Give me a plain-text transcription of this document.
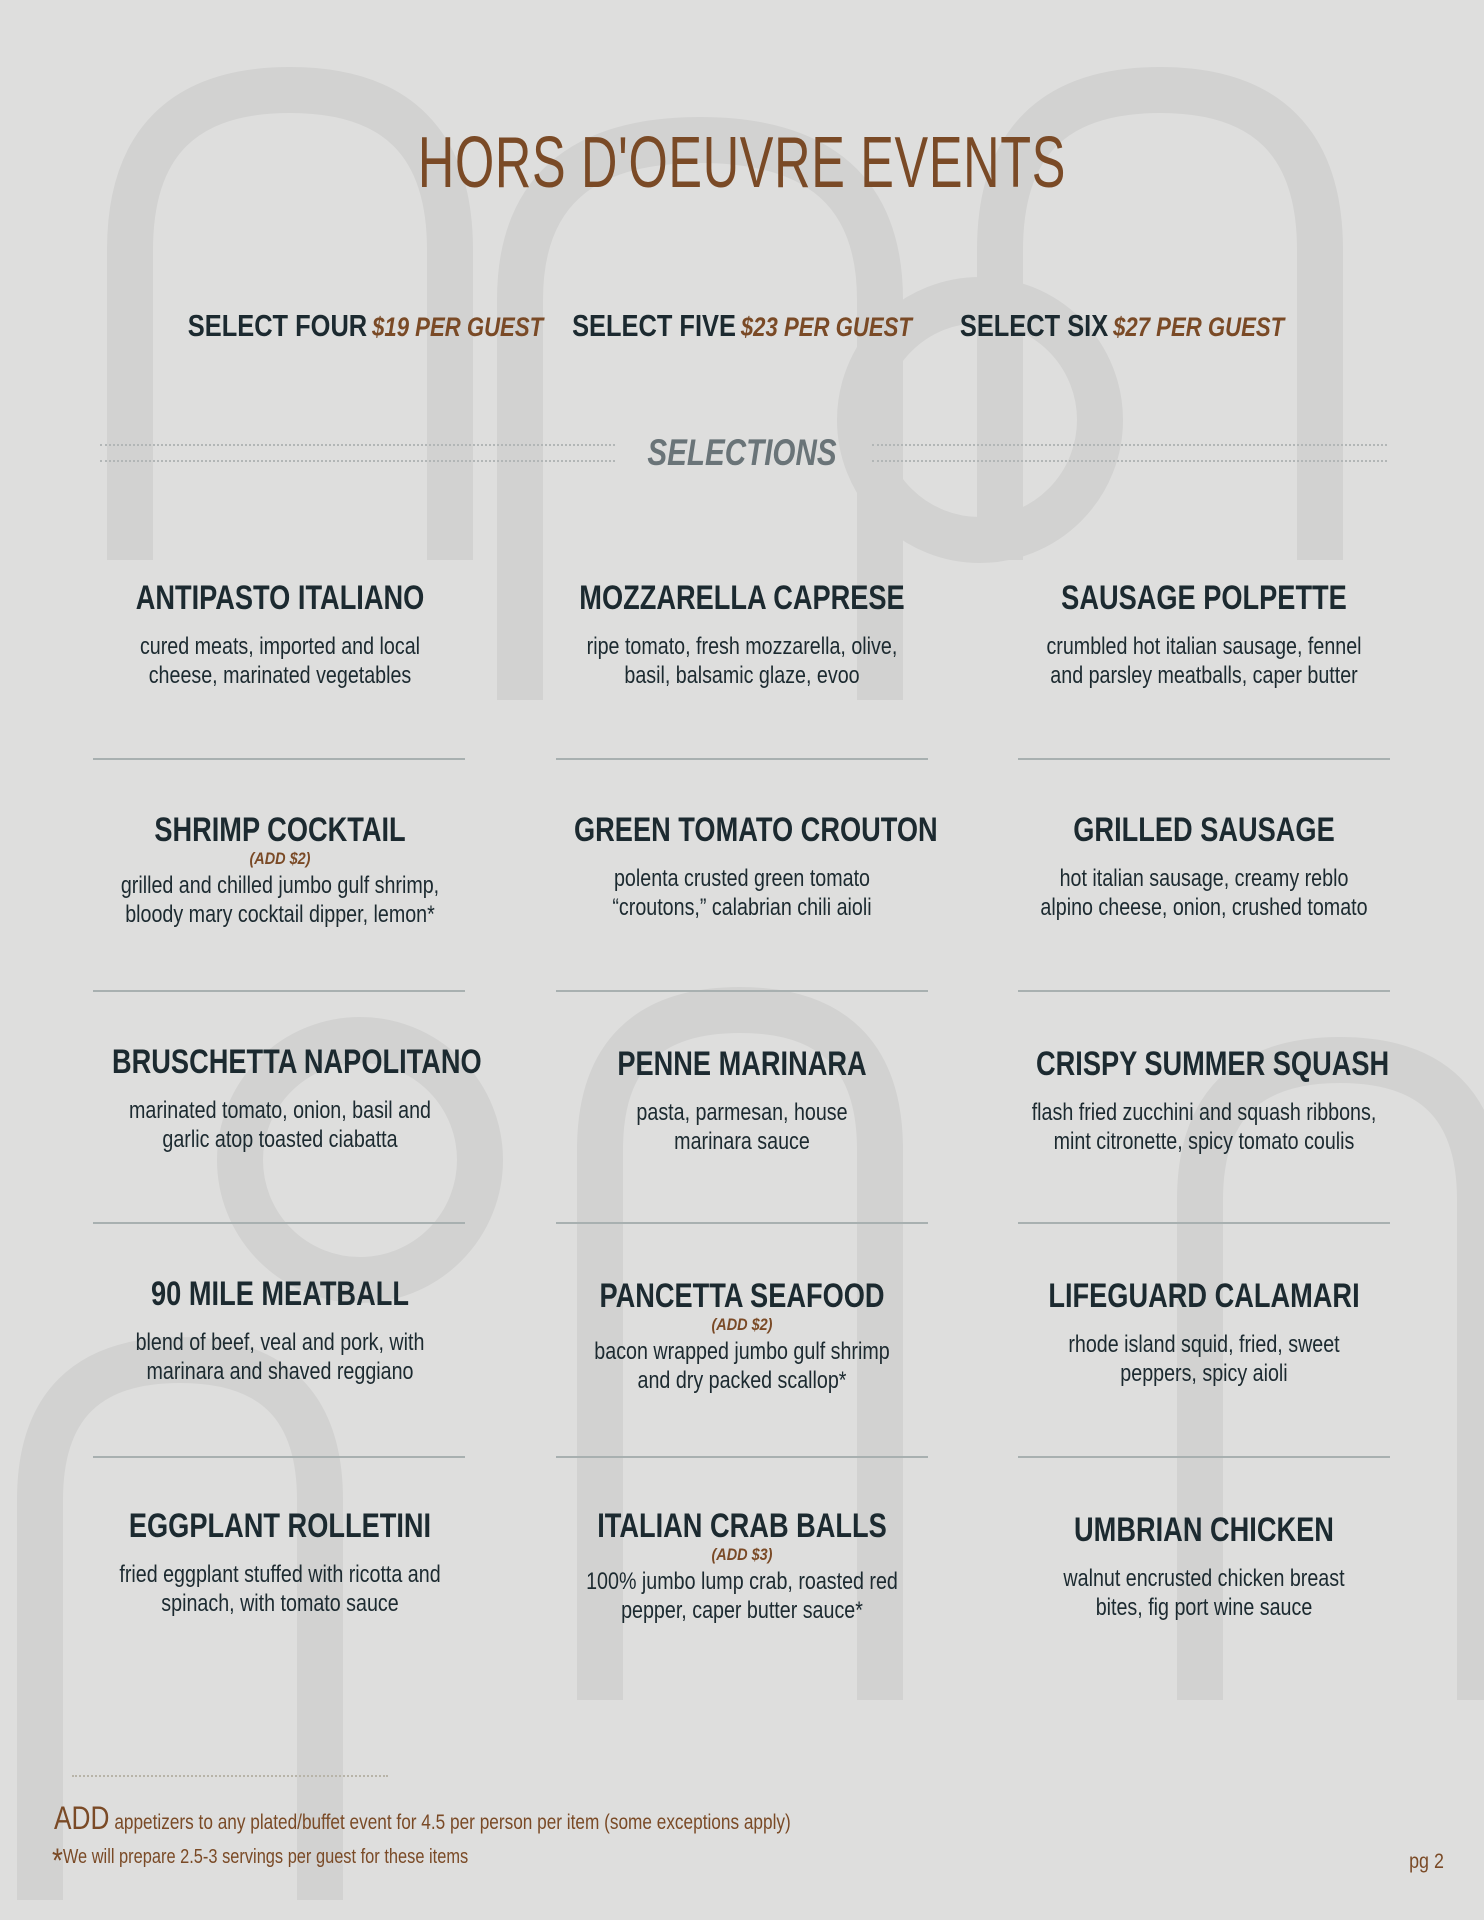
HORS D'OEUVRE EVENTS
SELECT FOUR $19 PER GUEST SELECT FIVE $23 PER GUEST	SELECT SIX $27 PER GUEST
SELECTIONS
ANTIPASTO ITALIANO
cured meats, imported and local
cheese, marinated vegetables
MOZZARELLA CAPRESE
ripe tomato, fresh mozzarella, olive,
basil, balsamic glaze, evoo
SAUSAGE POLPETTE
crumbled hot italian sausage, fennel
and parsley meatballs, caper butter
SHRIMP COCKTAIL
(ADD $2)
grilled and chilled jumbo gulf shrimp,
bloody mary cocktail dipper, lemon*
GREEN TOMATO CROUTON
polenta crusted green tomato
“croutons,” calabrian chili aioli
GRILLED SAUSAGE
hot italian sausage, creamy reblo
alpino cheese, onion, crushed tomato
BRUSCHETTA NAPOLITANO
marinated tomato, onion, basil and
garlic atop toasted ciabatta
PENNE MARINARA
pasta, parmesan, house
marinara sauce
CRISPY SUMMER SQUASH
flash fried zucchini and squash ribbons,
mint citronette, spicy tomato coulis
90 MILE MEATBALL
blend of beef, veal and pork, with
marinara and shaved reggiano
PANCETTA SEAFOOD
(ADD $2)
bacon wrapped jumbo gulf shrimp
and dry packed scallop*
LIFEGUARD CALAMARI
rhode island squid, fried, sweet
peppers, spicy aioli
EGGPLANT ROLLETINI
fried eggplant stuffed with ricotta and
spinach, with tomato sauce
ITALIAN CRAB BALLS
(ADD $3)
100% jumbo lump crab, roasted red
pepper, caper butter sauce*
UMBRIAN CHICKEN
walnut encrusted chicken breast
bites, fig port wine sauce
ADD appetizers to any plated/buffet event for 4.5 per person per item (some exceptions apply)
*We will prepare 2.5-3 servings per guest for these items	pg 2
